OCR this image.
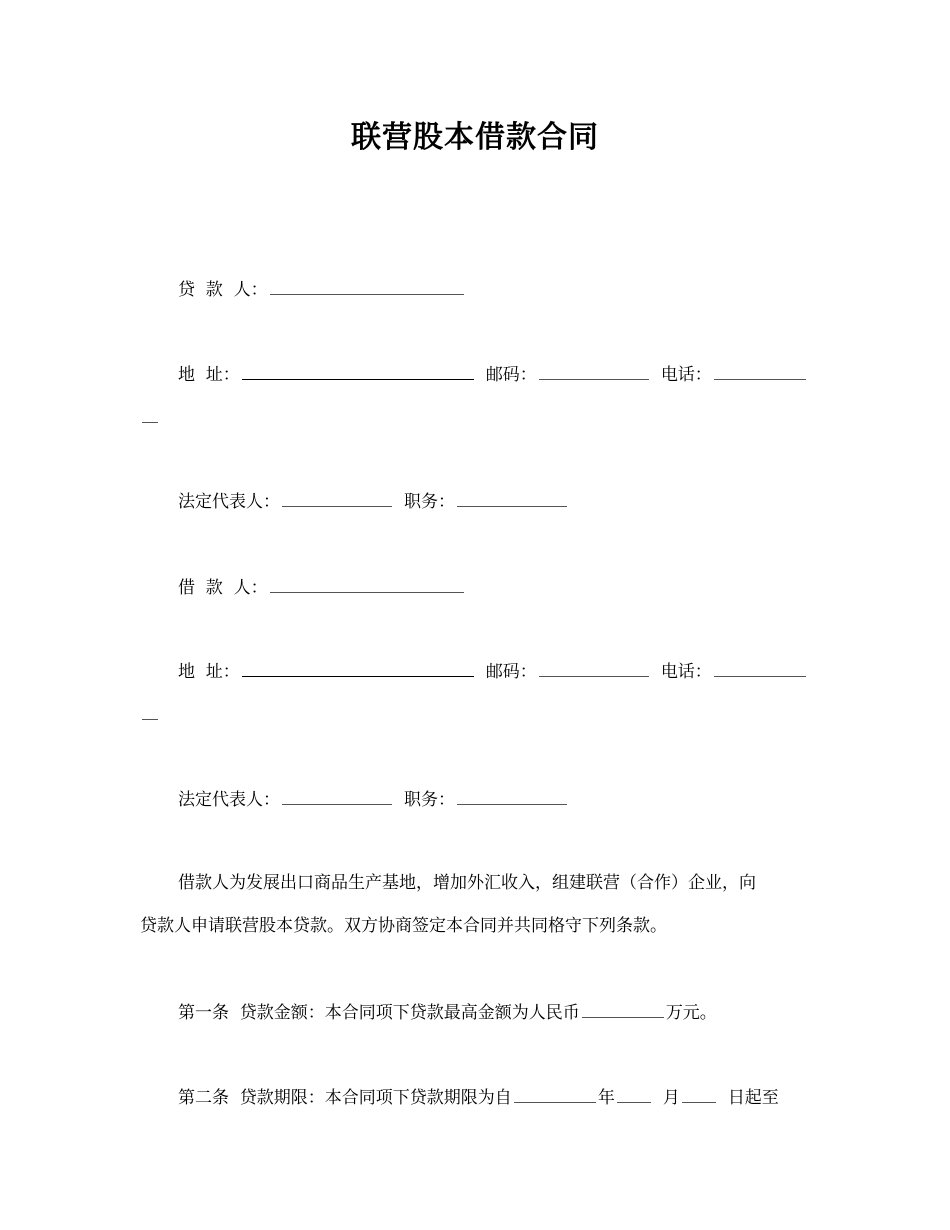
联营股本借款合同
贷  款  人：
地  址：	邮码：	电话：
法定代表人：	职务：
借  款  人：
地  址：	邮码：	电话：
法定代表人：	职务：
借款人为发展出口商品生产基地，增加外汇收入，组建联营（合作）企业，向
贷款人申请联营股本贷款。双方协商签定本合同并共同格守下列条款。
第一条  贷款金额：本合同项下贷款最高金额为人民币	万元。
第二条  贷款期限：本合同项下贷款期限为自	年	月	日起至
